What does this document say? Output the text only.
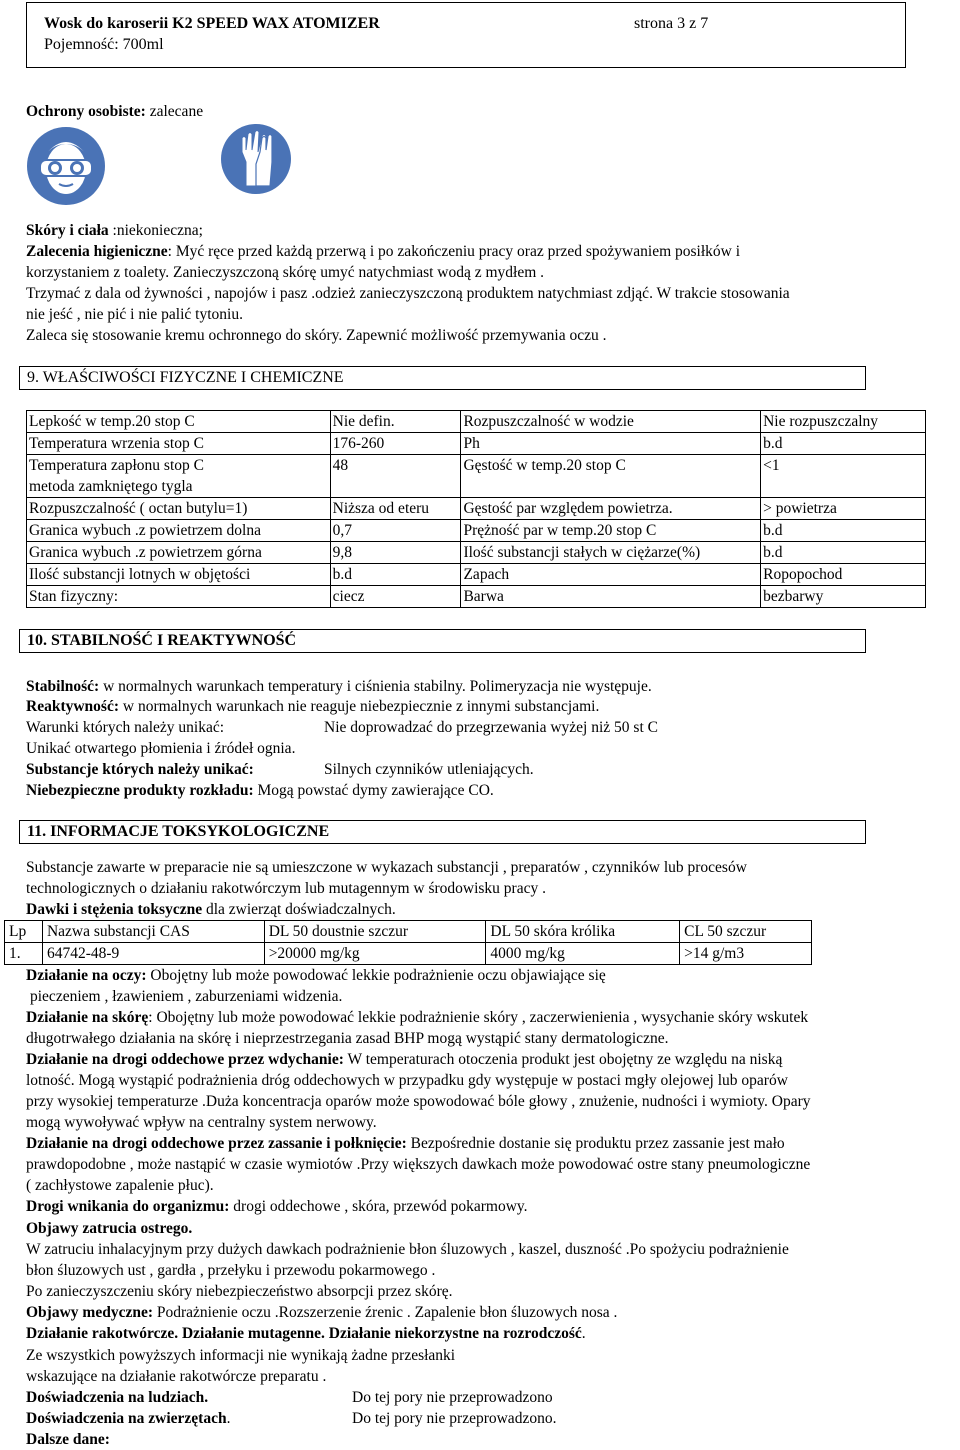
Wosk do karoserii K2 SPEED WAX ATOMIZER	strona 3 z 7
Pojemność: 700ml
Ochrony osobiste: zalecane
Skóry i ciała :niekonieczna;
Zalecenia higieniczne: Myć ręce przed każdą przerwą i po zakończeniu pracy oraz przed spożywaniem posiłków i
korzystaniem z toalety. Zanieczyszczoną skórę umyć natychmiast wodą z mydłem .
Trzymać z dala od żywności , napojów i pasz .odzież zanieczyszczoną produktem natychmiast zdjąć. W trakcie stosowania
nie jeść , nie pić i nie palić tytoniu.
Zaleca się stosowanie kremu ochronnego do skóry. Zapewnić możliwość przemywania oczu .
9. WŁAŚCIWOŚCI FIZYCZNE I CHEMICZNE
Lepkość w temp.20 stop C	Nie defin.	Rozpuszczalność w wodzie	Nie rozpuszczalny
Temperatura wrzenia stop C	176-260	Ph	b.d
Temperatura zapłonu stop C
metoda zamkniętego tygla	48	Gęstość w temp.20 stop C	<1
Rozpuszczalność ( octan butylu=1)	Niższa od eteru	Gęstość par względem powietrza.	> powietrza
Granica wybuch .z powietrzem dolna	0,7	Prężność par w temp.20 stop C	b.d
Granica wybuch .z powietrzem górna	9,8	Ilość substancji stałych w ciężarze(%)	b.d
Ilość substancji lotnych w objętości	b.d	Zapach	Ropopochod
Stan fizyczny:	ciecz	Barwa	bezbarwy
10. STABILNOŚĆ I REAKTYWNOŚĆ
Stabilność: w normalnych warunkach temperatury i ciśnienia stabilny. Polimeryzacja nie występuje.
Reaktywność: w normalnych warunkach nie reaguje niebezpiecznie z innymi substancjami.
Warunki których należy unikać:	Nie doprowadzać do przegrzewania wyżej niż 50 st C
Unikać otwartego płomienia i źródeł ognia.
Substancje których należy unikać:	Silnych czynników utleniających.
Niebezpieczne produkty rozkładu: Mogą powstać dymy zawierające CO.
11. INFORMACJE TOKSYKOLOGICZNE
Substancje zawarte w preparacie nie są umieszczone w wykazach substancji , preparatów , czynników lub procesów
technologicznych o działaniu rakotwórczym lub mutagennym w środowisku pracy .
Dawki i stężenia toksyczne dla zwierząt doświadczalnych.
Lp	Nazwa substancji CAS	DL 50 doustnie szczur	DL 50 skóra królika	CL 50 szczur
1.	64742-48-9	>20000 mg/kg	4000 mg/kg	>14 g/m3
Działanie na oczy: Obojętny lub może powodować lekkie podrażnienie oczu objawiające się
pieczeniem , łzawieniem , zaburzeniami widzenia.
Działanie na skórę: Obojętny lub może powodować lekkie podrażnienie skóry , zaczerwienienia , wysychanie skóry wskutek
długotrwałego działania na skórę i nieprzestrzegania zasad BHP mogą wystąpić stany dermatologiczne.
Działanie na drogi oddechowe przez wdychanie: W temperaturach otoczenia produkt jest obojętny ze względu na niską
lotność. Mogą wystąpić podrażnienia dróg oddechowych w przypadku gdy występuje w postaci mgły olejowej lub oparów
przy wysokiej temperaturze .Duża koncentracja oparów może spowodować bóle głowy , znużenie, nudności i wymioty. Opary
mogą wywoływać wpływ na centralny system nerwowy.
Działanie na drogi oddechowe przez zassanie i połknięcie: Bezpośrednie dostanie się produktu przez zassanie jest mało
prawdopodobne , może nastąpić w czasie wymiotów .Przy większych dawkach może powodować ostre stany pneumologiczne
( zachłystowe zapalenie płuc).
Drogi wnikania do organizmu: drogi oddechowe , skóra, przewód pokarmowy.
Objawy zatrucia ostrego.
W zatruciu inhalacyjnym przy dużych dawkach podrażnienie błon śluzowych , kaszel, duszność .Po spożyciu podrażnienie
błon śluzowych ust , gardła , przełyku i przewodu pokarmowego .
Po zanieczyszczeniu skóry niebezpieczeństwo absorpcji przez skórę.
Objawy medyczne: Podrażnienie oczu .Rozszerzenie źrenic . Zapalenie błon śluzowych nosa .
Działanie rakotwórcze. Działanie mutagenne. Działanie niekorzystne na rozrodczość.
Ze wszystkich powyższych informacji nie wynikają żadne przesłanki
wskazujące na działanie rakotwórcze preparatu .
Doświadczenia na ludziach.	Do tej pory nie przeprowadzono
Doświadczenia na zwierzętach.	Do tej pory nie przeprowadzono.
Dalsze dane:
